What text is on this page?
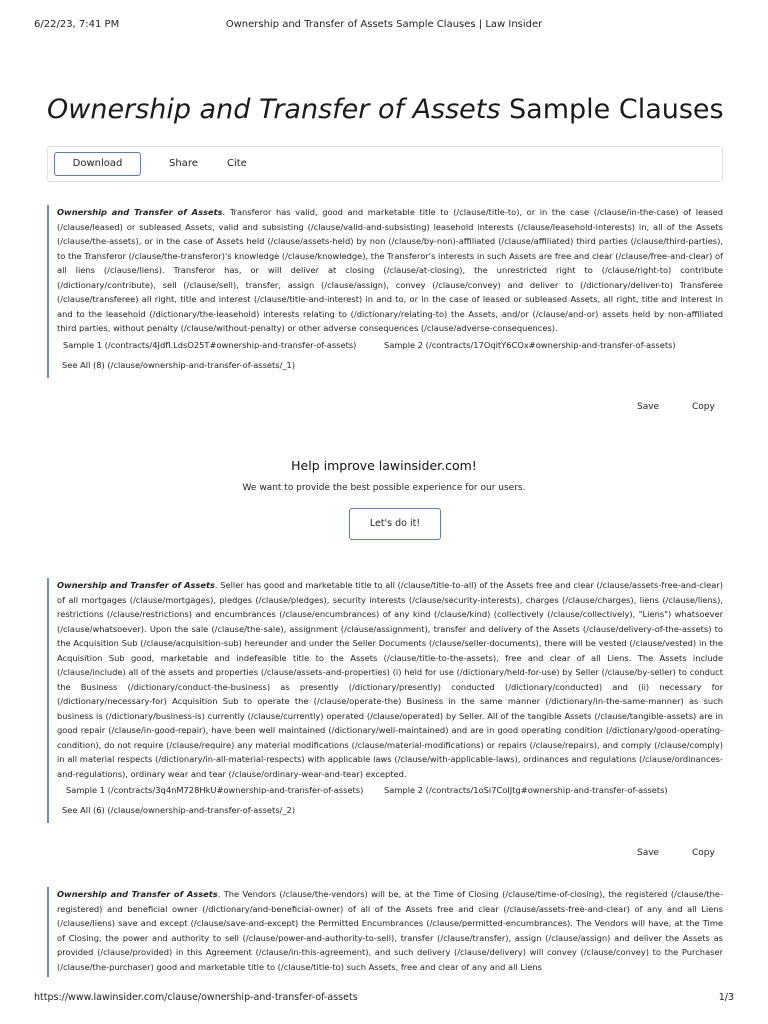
6/22/23, 7:41 PM	Ownership and Transfer of Assets Sample Clauses | Law Insider
Ownership and Transfer of Assets Sample Clauses
Download	Share	Cite

Ownership and Transfer of Assets. Transferor has valid, good and marketable title to (/clause/title-to), or in the case (/clause/in-the-case) of leased (/clause/leased) or subleased Assets, valid and subsisting (/clause/valid-and-subsisting) leasehold interests (/clause/leasehold-interests) in, all of the Assets (/clause/the-assets), or in the case of Assets held (/clause/assets-held) by non (/clause/by-non)-affiliated (/clause/affiliated) third parties (/clause/third-parties), to the Transferor (/clause/the-transferor)'s knowledge (/clause/knowledge), the Transferor's interests in such Assets are free and clear (/clause/free-and-clear) of all liens (/clause/liens). Transferor has, or will deliver at closing (/clause/at-closing), the unrestricted right to (/clause/right-to) contribute (/dictionary/contribute), sell (/clause/sell), transfer, assign (/clause/assign), convey (/clause/convey) and deliver to (/dictionary/deliver-to) Transferee (/clause/transferee) all right, title and interest (/clause/title-and-interest) in and to, or in the case of leased or subleased Assets, all right, title and interest in and to the leasehold (/dictionary/the-leasehold) interests relating to (/dictionary/relating-to) the Assets, and/or (/clause/and-or) assets held by non-affiliated third parties, without penalty (/clause/without-penalty) or other adverse consequences (/clause/adverse-consequences).

Sample 1 (/contracts/4Jdfl.LdsO25T#ownership-and-transfer-of-assets)	Sample 2 (/contracts/17OqitY6COx#ownership-and-transfer-of-assets)
See All (8) (/clause/ownership-and-transfer-of-assets/_1)
Save	Copy
Help improve lawinsider.com!
We want to provide the best possible experience for our users.
Let's do it!

Ownership and Transfer of Assets. Seller has good and marketable title to all (/clause/title-to-all) of the Assets free and clear (/clause/assets-free-and-clear) of all mortgages (/clause/mortgages), pledges (/clause/pledges), security interests (/clause/security-interests), charges (/clause/charges), liens (/clause/liens), restrictions (/clause/restrictions) and encumbrances (/clause/encumbrances) of any kind (/clause/kind) (collectively (/clause/collectively), "Liens") whatsoever (/clause/whatsoever). Upon the sale (/clause/the-sale), assignment (/clause/assignment), transfer and delivery of the Assets (/clause/delivery-of-the-assets) to the Acquisition Sub (/clause/acquisition-sub) hereunder and under the Seller Documents (/clause/seller-documents), there will be vested (/clause/vested) in the Acquisition Sub good, marketable and indefeasible title to the Assets (/clause/title-to-the-assets), free and clear of all Liens. The Assets include (/clause/include) all of the assets and properties (/clause/assets-and-properties) (i) held for use (/dictionary/held-for-use) by Seller (/clause/by-seller) to conduct the Business (/dictionary/conduct-the-business) as presently (/dictionary/presently) conducted (/dictionary/conducted) and (ii) necessary for (/dictionary/necessary-for) Acquisition Sub to operate the (/clause/operate-the) Business in the same manner (/dictionary/in-the-same-manner) as such business is (/dictionary/business-is) currently (/clause/currently) operated (/clause/operated) by Seller. All of the tangible Assets (/clause/tangible-assets) are in good repair (/clause/in-good-repair), have been well maintained (/dictionary/well-maintained) and are in good operating condition (/dictionary/good-operating-condition), do not require (/clause/require) any material modifications (/clause/material-modifications) or repairs (/clause/repairs), and comply (/clause/comply) in all material respects (/dictionary/in-all-material-respects) with applicable laws (/clause/with-applicable-laws), ordinances and regulations (/clause/ordinances-and-regulations), ordinary wear and tear (/clause/ordinary-wear-and-tear) excepted.

Sample 1 (/contracts/3q4nM728HkU#ownership-and-transfer-of-assets) Sample 2 (/contracts/1oSi7CoIJtg#ownership-and-transfer-of-assets)
See All (6) (/clause/ownership-and-transfer-of-assets/_2)
Save	Copy

Ownership and Transfer of Assets. The Vendors (/clause/the-vendors) will be, at the Time of Closing (/clause/time-of-closing), the registered (/clause/the-registered) and beneficial owner (/dictionary/and-beneficial-owner) of all of the Assets free and clear (/clause/assets-free-and-clear) of any and all Liens (/clause/liens) save and except (/clause/save-and-except) the Permitted Encumbrances (/clause/permitted-encumbrances). The Vendors will have, at the Time of Closing, the power and authority to sell (/clause/power-and-authority-to-sell), transfer (/clause/transfer), assign (/clause/assign) and deliver the Assets as provided (/clause/provided) in this Agreement (/clause/in-this-agreement), and such delivery (/clause/delivery) will convey (/clause/convey) to the Purchaser (/clause/the-purchaser) good and marketable title to (/clause/title-to) such Assets, free and clear of any and all Liens

https://www.lawinsider.com/clause/ownership-and-transfer-of-assets	1/3
